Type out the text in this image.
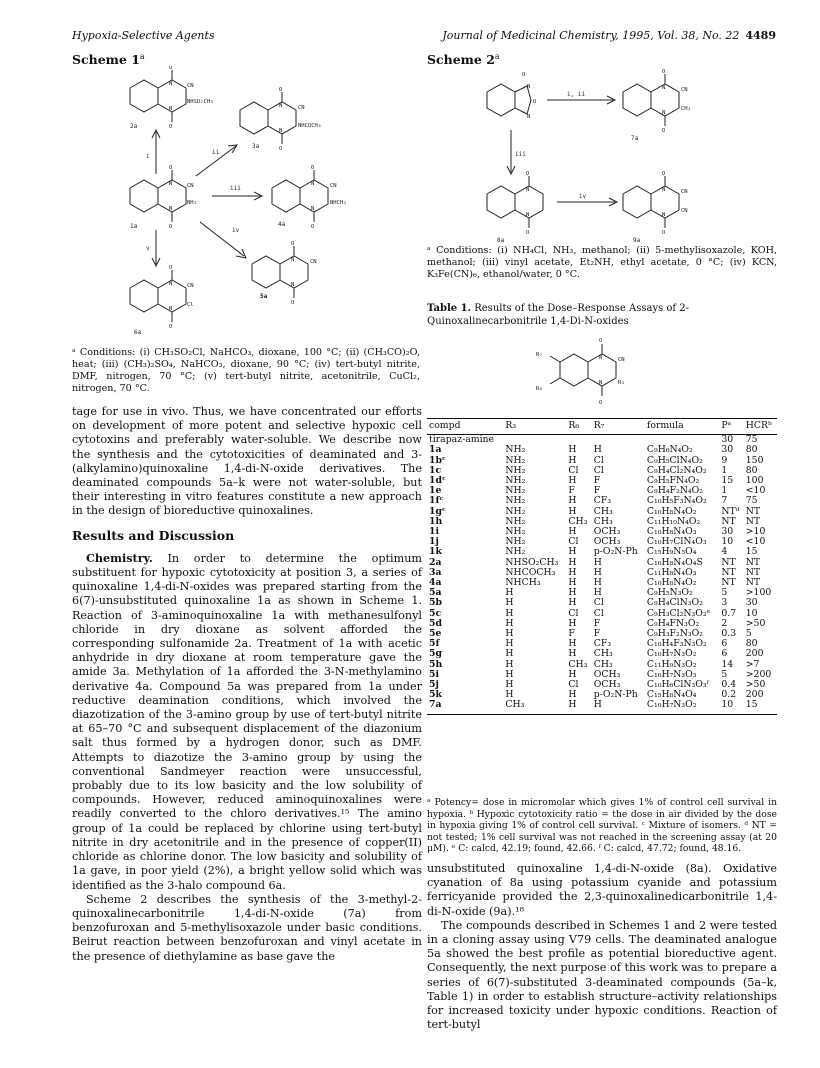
Hypoxia-Selective Agents	Journal of Medicinal Chemistry, 1995, Vol. 38, No. 22 4489
Scheme 1$^a$
O
N	CN
NHSO₂CH₃
N
O
O
N	CN
NHCOCH₃
N
O
O
N	CN
NH₂
N
O
O
N	CN
NHCH₃
N
O
O
N	CN
N
O
O
N	CN
Cl
N
O
2a
3a
1a	4a
5a
6a
i
ii
iii
iv
v
ᵃ Conditions: (i) CH₃SO₂Cl, NaHCO₃, dioxane, 100 °C; (ii) (CH₃CO)₂O, heat; (iii) (CH₃)₂SO₄, NaHCO₃, dioxane, 90 °C; (iv) tert-butyl nitrite, DMF, nitrogen, 70 °C; (v) tert-butyl nitrite, acetonitrile, CuCl₂, nitrogen, 70 °C.
Scheme 2$^a$
O
N
O
N
O
N	CN
CH₃
N
O
O
N
N
O
O
N	CN
CN
N
O
7a
8a	9a
i, ii
iii
iv
ᵃ Conditions: (i) NH₄Cl, NH₃, methanol; (ii) 5-methylisoxazole, KOH, methanol; (iii) vinyl acetate, Et₂NH, ethyl acetate, 0 °C; (iv) KCN, K₃Fe(CN)₆, ethanol/water, 0 °C.
Table 1. Results of the Dose–Response Assays of 2-Quinoxalinecarbonitrile 1,4-Di-N-oxides
O
N	CN
R₃
N
O
R₇
R₆
compd	R₃	R₆	R₇	formula	Pᵃ	HCRᵇ
tirapaz-amine					30	75
1a	NH₂	H	H	C₉H₆N₄O₂	30	80
1bᶜ	NH₂	H	Cl	C₉H₅ClN₄O₂	9	150
1c	NH₂	Cl	Cl	C₉H₄Cl₂N₄O₂	1	80
1dᶜ	NH₂	H	F	C₉H₅FN₄O₂	15	100
1e	NH₂	F	F	C₉H₄F₂N₄O₂	1	<10
1fᶜ	NH₂	H	CF₃	C₁₀H₅F₃N₄O₂	7	75
1gᶜ	NH₂	H	CH₃	C₁₀H₈N₄O₂	NTᵈ	NT
1h	NH₂	CH₃	CH₃	C₁₁H₁₀N₄O₂	NT	NT
1i	NH₂	H	OCH₃	C₁₀H₈N₄O₃	30	>10
1j	NH₂	Cl	OCH₃	C₁₀H₇ClN₄O₃	10	<10
1k	NH₂	H	p-O₂N-Ph	C₁₅H₉N₅O₄	4	15
2a	NHSO₂CH₃	H	H	C₁₀H₈N₄O₄S	NT	NT
3a	NHCOCH₃	H	H	C₁₁H₈N₄O₃	NT	NT
4a	NHCH₃	H	H	C₁₀H₈N₄O₂	NT	NT
5a	H	H	H	C₉H₅N₃O₂	5	>100
5b	H	H	Cl	C₉H₄ClN₃O₂	3	30
5c	H	Cl	Cl	C₉H₃Cl₂N₃O₂ᵉ	0.7	10
5d	H	H	F	C₉H₄FN₃O₂	2	>50
5e	H	F	F	C₉H₃F₂N₃O₂	0.3	5
5f	H	H	CF₃	C₁₀H₄F₃N₃O₂	6	80
5g	H	H	CH₃	C₁₀H₇N₃O₂	6	200
5h	H	CH₃	CH₃	C₁₁H₉N₃O₂	14	>7
5i	H	H	OCH₃	C₁₀H₇N₃O₃	5	>200
5j	H	Cl	OCH₃	C₁₀H₆ClN₃O₃ᶠ	0.4	>50
5k	H	H	p-O₂N-Ph	C₁₅H₈N₄O₄	0.2	200
7a	CH₃	H	H	C₁₀H₇N₃O₂	10	15
ᵃ Potency= dose in micromolar which gives 1% of control cell survival in hypoxia. ᵇ Hypoxic cytotoxicity ratio = the dose in air divided by the dose in hypoxia giving 1% of control cell survival. ᶜ Mixture of isomers. ᵈ NT = not tested; 1% cell survival was not reached in the screening assay (at 20 μM). ᵉ C: calcd, 42.19; found, 42.66. ᶠ C: calcd, 47.72; found, 48.16.

tage for use in vivo. Thus, we have concentrated our efforts on development of more potent and selective hypoxic cell cytotoxins and preferably water-soluble. We describe now the synthesis and the cytotoxicities of deaminated and 3-(alkylamino)quinoxaline 1,4-di-N-oxide derivatives. The deaminated compounds 5a–k were not water-soluble, but their interesting in vitro features constitute a new approach in the design of bioreductive quinoxalines.

Results and Discussion

Chemistry. In order to determine the optimum substituent for hypoxic cytotoxicity at position 3, a series of quinoxaline 1,4-di-N-oxides was prepared starting from the 6(7)-unsubstituted quinoxaline 1a as shown in Scheme 1. Reaction of 3-aminoquinoxaline 1a with methanesulfonyl chloride in dry dioxane as solvent afforded the corresponding sulfonamide 2a. Treatment of 1a with acetic anhydride in dry dioxane at room temperature gave the amide 3a. Methylation of 1a afforded the 3-N-methylamino derivative 4a. Compound 5a was prepared from 1a under reductive deamination conditions, which involved the diazotization of the 3-amino group by use of tert-butyl nitrite at 65–70 °C and subsequent displacement of the diazonium salt thus formed by a hydrogen donor, such as DMF. Attempts to diazotize the 3-amino group by using the conventional Sandmeyer reaction were unsuccessful, probably due to its low basicity and the low solubility of compounds. However, reduced aminoquinoxalines were readily converted to the chloro derivatives.¹⁵ The amino group of 1a could be replaced by chlorine using tert-butyl nitrite in dry acetonitrile and in the presence of copper(II) chloride as chlorine donor. The low basicity and solubility of 1a gave, in poor yield (2%), a bright yellow solid which was identified as the 3-halo compound 6a.

Scheme 2 describes the synthesis of the 3-methyl-2-quinoxalinecarbonitrile 1,4-di-N-oxide (7a) from benzofuroxan and 5-methylisoxazole under basic conditions. Beirut reaction between benzofuroxan and vinyl acetate in the presence of diethylamine as base gave the

unsubstituted quinoxaline 1,4-di-N-oxide (8a). Oxidative cyanation of 8a using potassium cyanide and potassium ferricyanide provided the 2,3-quinoxalinedicarbonitrile 1,4-di-N-oxide (9a).¹⁸

The compounds described in Schemes 1 and 2 were tested in a cloning assay using V79 cells. The deaminated analogue 5a showed the best profile as potential bioreductive agent. Consequently, the next purpose of this work was to prepare a series of 6(7)-substituted 3-deaminated compounds (5a–k, Table 1) in order to establish structure–activity relationships for increased toxicity under hypoxic conditions. Reaction of tert-butyl
